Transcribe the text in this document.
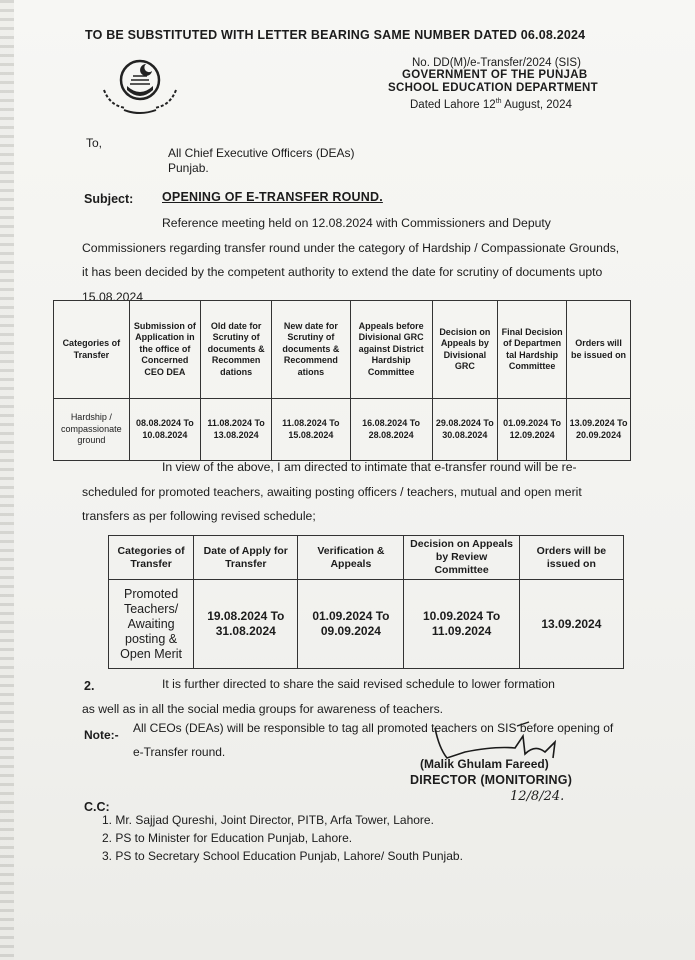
TO BE SUBSTITUTED WITH LETTER BEARING SAME NUMBER DATED 06.08.2024
No. DD(M)/e-Transfer/2024 (SIS)
GOVERNMENT OF THE PUNJAB
SCHOOL EDUCATION DEPARTMENT
Dated Lahore 12th August, 2024
To,
All Chief Executive Officers (DEAs)
Punjab.
Subject: OPENING OF E-TRANSFER ROUND.
Reference meeting held on 12.08.2024 with Commissioners and Deputy Commissioners regarding transfer round under the category of Hardship / Compassionate Grounds, it has been decided by the competent authority to extend the date for scrutiny of documents upto 15.08.2024
Categories of Transfer	Submission of Application in the office of Concerned CEO DEA	Old date for Scrutiny of documents & Recommen dations	New date for Scrutiny of documents & Recommend ations	Appeals before Divisional GRC against District Hardship Committee	Decision on Appeals by Divisional GRC	Final Decision of Departmen tal Hardship Committee	Orders will be issued on
Hardship / compassionate ground	08.08.2024 To 10.08.2024	11.08.2024 To 13.08.2024	11.08.2024 To 15.08.2024	16.08.2024 To 28.08.2024	29.08.2024 To 30.08.2024	01.09.2024 To 12.09.2024	13.09.2024 To 20.09.2024
In view of the above, I am directed to intimate that e-transfer round will be re-scheduled for promoted teachers, awaiting posting officers / teachers, mutual and open merit transfers as per following revised schedule;
Categories of Transfer	Date of Apply for Transfer	Verification & Appeals	Decision on Appeals by Review Committee	Orders will be issued on
Promoted Teachers/ Awaiting posting & Open Merit	19.08.2024 To 31.08.2024	01.09.2024 To 09.09.2024	10.09.2024 To 11.09.2024	13.09.2024
2.	It is further directed to share the said revised schedule to lower formation
as well as in all the social media groups for awareness of teachers.
Note:- All CEOs (DEAs) will be responsible to tag all promoted teachers on SIS before opening of e-Transfer round.
(Malik Ghulam Fareed)
DIRECTOR (MONITORING)
12/8/24.
C.C:
1. Mr. Sajjad Qureshi, Joint Director, PITB, Arfa Tower, Lahore.
2. PS to Minister for Education Punjab, Lahore.
3. PS to Secretary School Education Punjab, Lahore/ South Punjab.
